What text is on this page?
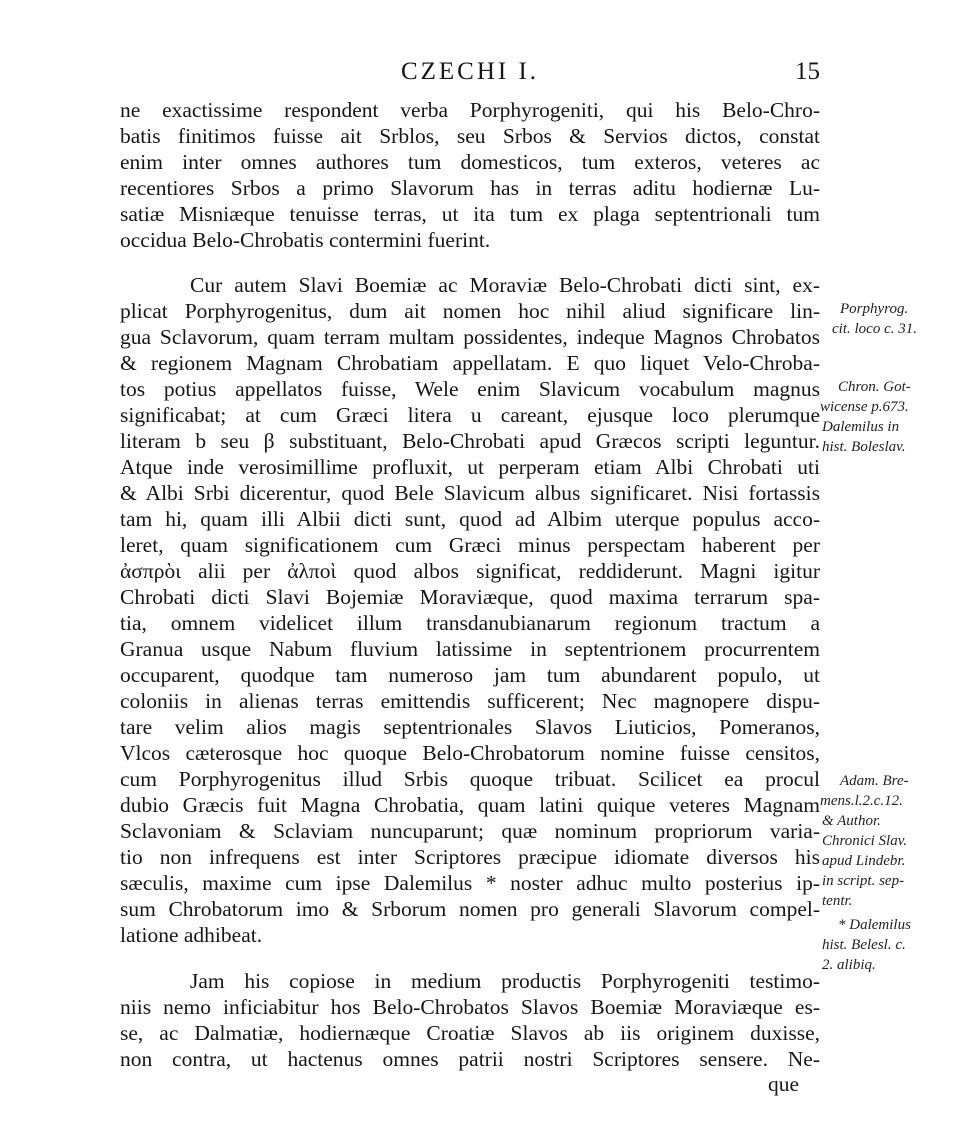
CZECHI I.	15
ne exactissime respondent verba Porphyrogeniti, qui his Belo-Chro-
batis finitimos fuisse ait Srblos, seu Srbos & Servios dictos, constat
enim inter omnes authores tum domesticos, tum exteros, veteres ac
recentiores Srbos a primo Slavorum has in terras aditu hodiernæ Lu-
satiæ Misniæque tenuisse terras, ut ita tum ex plaga septentrionali tum
occidua Belo-Chrobatis contermini fuerint.
Cur autem Slavi Boemiæ ac Moraviæ Belo-Chrobati dicti sint, ex-
plicat Porphyrogenitus, dum ait nomen hoc nihil aliud significare lin-
gua Sclavorum, quam terram multam possidentes, indeque Magnos Chrobatos
& regionem Magnam Chrobatiam appellatam. E quo liquet Velo-Chroba-
tos potius appellatos fuisse, Wele enim Slavicum vocabulum magnus
significabat; at cum Græci litera u careant, ejusque loco plerumque
literam b seu β substituant, Belo-Chrobati apud Græcos scripti leguntur.
Atque inde verosimillime profluxit, ut perperam etiam Albi Chrobati uti
& Albi Srbi dicerentur, quod Bele Slavicum albus significaret. Nisi fortassis
tam hi, quam illi Albii dicti sunt, quod ad Albim uterque populus acco-
leret, quam significationem cum Græci minus perspectam haberent per
ἀσπρὸι alii per ἀλποὶ quod albos significat, reddiderunt. Magni igitur
Chrobati dicti Slavi Bojemiæ Moraviæque, quod maxima terrarum spa-
tia, omnem videlicet illum transdanubianarum regionum tractum a
Granua usque Nabum fluvium latissime in septentrionem procurrentem
occuparent, quodque tam numeroso jam tum abundarent populo, ut
coloniis in alienas terras emittendis sufficerent; Nec magnopere dispu-
tare velim alios magis septentrionales Slavos Liuticios, Pomeranos,
Vlcos cæterosque hoc quoque Belo-Chrobatorum nomine fuisse censitos,
cum Porphyrogenitus illud Srbis quoque tribuat. Scilicet ea procul
dubio Græcis fuit Magna Chrobatia, quam latini quique veteres Magnam
Sclavoniam & Sclaviam nuncuparunt; quæ nominum propriorum varia-
tio non infrequens est inter Scriptores præcipue idiomate diversos his
sæculis, maxime cum ipse Dalemilus * noster adhuc multo posterius ip-
sum Chrobatorum imo & Srborum nomen pro generali Slavorum compel-
latione adhibeat.
Jam his copiose in medium productis Porphyrogeniti testimo-
niis nemo inficiabitur hos Belo-Chrobatos Slavos Boemiæ Moraviæque es-
se, ac Dalmatiæ, hodiernæque Croatiæ Slavos ab iis originem duxisse,
non contra, ut hactenus omnes patrii nostri Scriptores sensere. Ne-
que
Porphyrog.
cit. loco c. 31.
Chron. Got-
wicense p.673.
Dalemilus in
hist. Boleslav.
Adam. Bre-
mens.l.2.c.12.
& Author.
Chronici Slav.
apud Lindebr.
in script. sep-
tentr.
* Dalemilus
hist. Belesl. c.
2. alibiq.
